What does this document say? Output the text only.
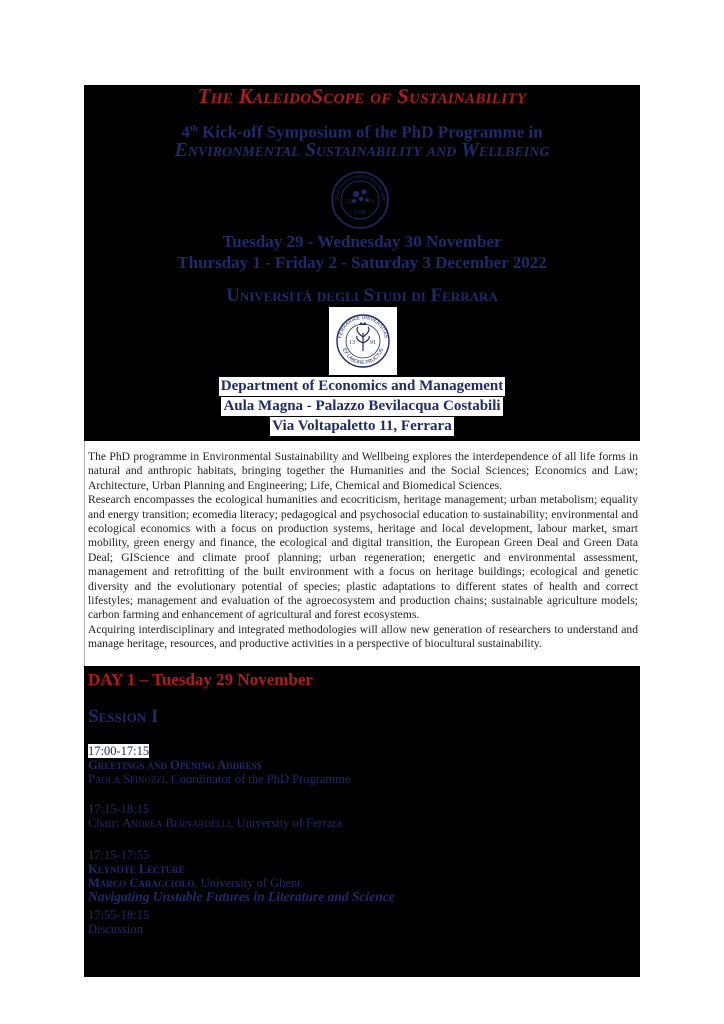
The KaleidoScope of Sustainability
4th Kick-off Symposium of the PhD Programme in
Environmental Sustainability and Wellbeing
20	19
ESW
D in Environmental Sustainabil
Tuesday 29 - Wednesday 30 November
Thursday 1 - Friday 2 - Saturday 3 December 2022
Università degli Studi di Ferrara
FERRARIAE UNIVERSITAS
EX LABORE FRUCTUS
13	91
Department of Economics and Management
Aula Magna - Palazzo Bevilacqua Costabili
Via Voltapaletto 11, Ferrara

The PhD programme in Environmental Sustainability and Wellbeing explores the interdependence of all life forms in natural and anthropic habitats, bringing together the Humanities and the Social Sciences; Economics and Law; Architecture, Urban Planning and Engineering; Life, Chemical and Biomedical Sciences.

Research encompasses the ecological humanities and ecocriticism, heritage management; urban metabolism; equality and energy transition; ecomedia literacy; pedagogical and psychosocial education to sustainability; environmental and ecological economics with a focus on production systems, heritage and local development, labour market, smart mobility, green energy and finance, the ecological and digital transition, the European Green Deal and Green Data Deal; GIScience and climate proof planning; urban regeneration; energetic and environmental assessment, management and retrofitting of the built environment with a focus on heritage buildings; ecological and genetic diversity and the evolutionary potential of species; plastic adaptations to different states of health and correct lifestyles; management and evaluation of the agroecosystem and production chains; sustainable agriculture models; carbon farming and enhancement of agricultural and forest ecosystems.

Acquiring interdisciplinary and integrated methodologies will allow new generation of researchers to understand and manage heritage, resources, and productive activities in a perspective of biocultural sustainability.

DAY 1 – Tuesday 29 November
Session I
17:00-17:15
Greetings and Opening Address
Paola Spinozzi, Coordinator of the PhD Programme
17:15-18:15
Chair: Andrea Bernardelli, University of Ferrara
17:15-17:55
Keynote Lecture
Marco Caracciolo, University of Ghent
Navigating Unstable Futures in Literature and Science
17:55-18:15
Discussion
